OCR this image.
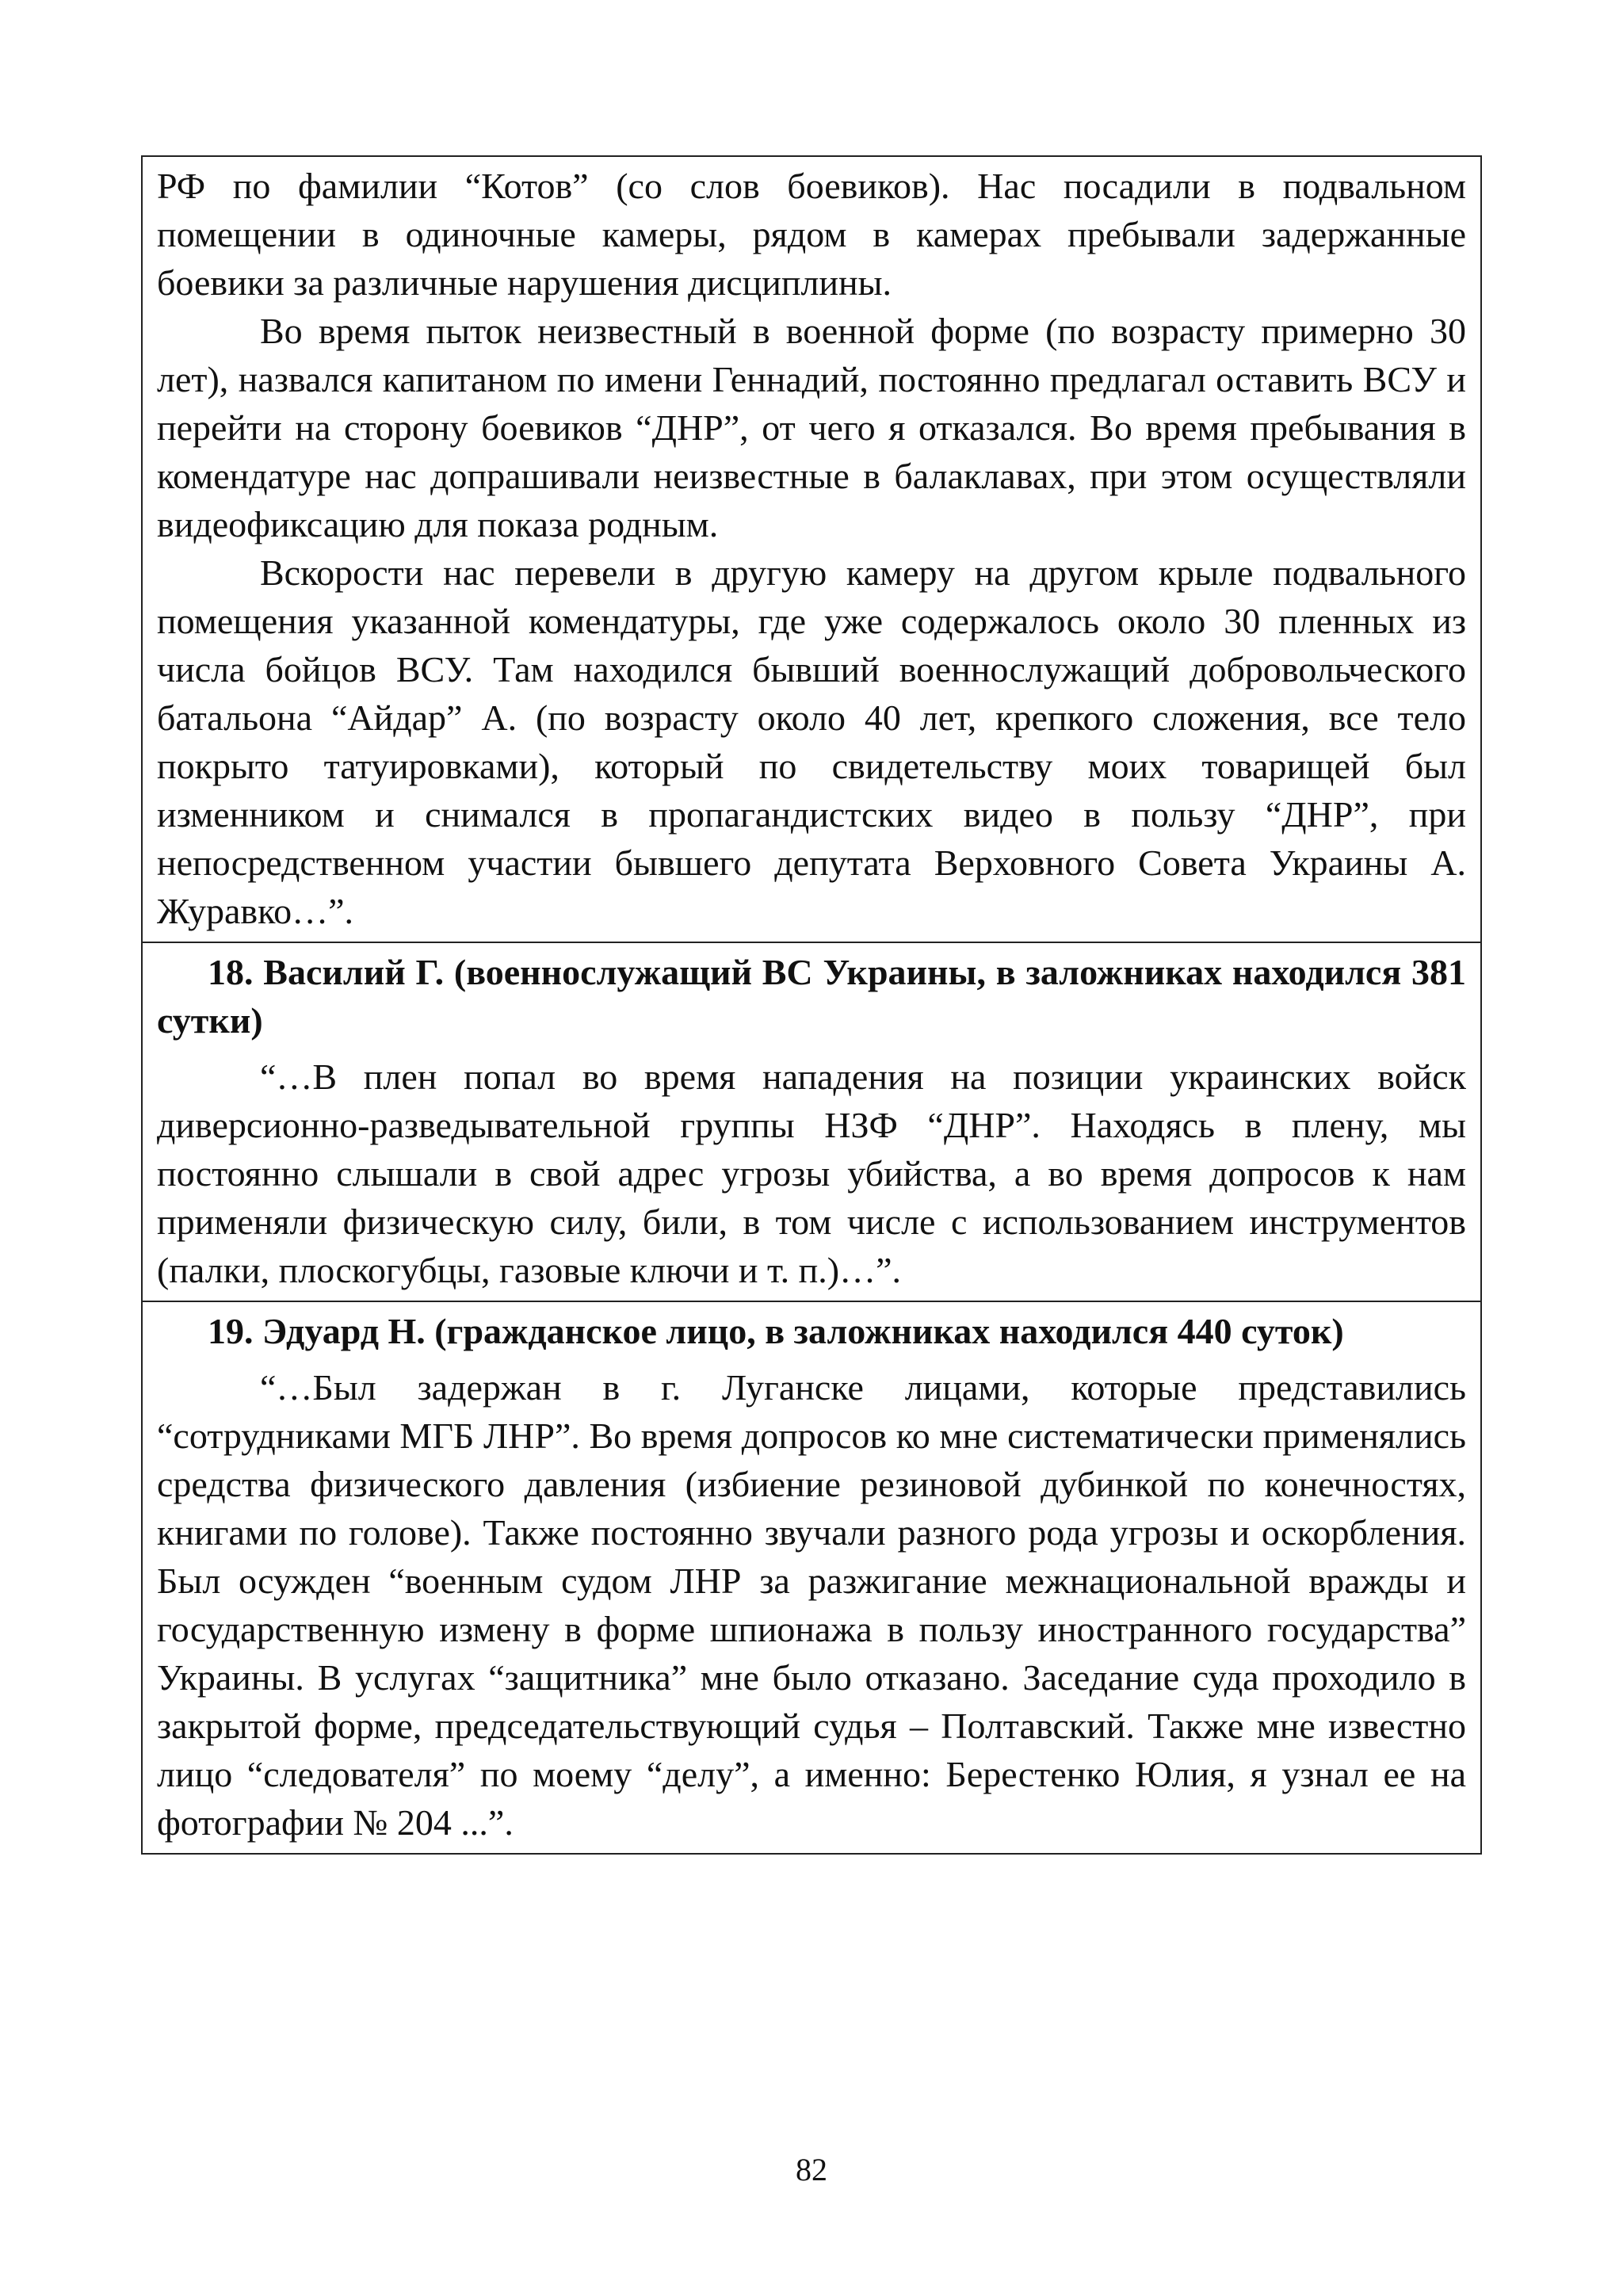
РФ по фамилии “Котов” (со слов боевиков). Нас посадили в подвальном помещении в одиночные камеры, рядом в камерах пребывали задержанные боевики за различные нарушения дисциплины.

Во время пыток неизвестный в военной форме (по возрасту примерно 30 лет), назвался капитаном по имени Геннадий, постоянно предлагал оставить ВСУ и перейти на сторону боевиков “ДНР”, от чего я отказался. Во время пребывания в комендатуре нас допрашивали неизвестные в балаклавах, при этом осуществляли видеофиксацию для показа родным.

Вскорости нас перевели в другую камеру на другом крыле подвального помещения указанной комендатуры, где уже содержалось около 30 пленных из числа бойцов ВСУ. Там находился бывший военнослужащий добровольческого батальона “Айдар” А. (по возрасту около 40 лет, крепкого сложения, все тело покрыто татуировками), который по свидетельству моих товарищей был изменником и снимался в пропагандистских видео в пользу “ДНР”, при непосредственном участии бывшего депутата Верховного Совета Украины А. Журавко…”.

18. Василий Г. (военнослужащий ВС Украины, в заложниках находился 381 сутки)

“…В плен попал во время нападения на позиции украинских войск диверсионно-разведывательной группы НЗФ “ДНР”. Находясь в плену, мы постоянно слышали в свой адрес угрозы убийства, а во время допросов к нам применяли физическую силу, били, в том числе с использованием инструментов (палки, плоскогубцы, газовые ключи и т. п.)…”.

19. Эдуард Н. (гражданское лицо, в заложниках находился 440 суток)

“…Был задержан в г. Луганске лицами, которые представились “сотрудниками МГБ ЛНР”. Во время допросов ко мне систематически применялись средства физического давления (избиение резиновой дубинкой по конечностях, книгами по голове). Также постоянно звучали разного рода угрозы и оскорбления. Был осужден “военным судом ЛНР за разжигание межнациональной вражды и государственную измену в форме шпионажа в пользу иностранного государства” Украины. В услугах “защитника” мне было отказано. Заседание суда проходило в закрытой форме, председательствующий судья – Полтавский. Также мне известно лицо “следователя” по моему “делу”, а именно: Берестенко Юлия, я узнал ее на фотографии № 204 ...”.

82
